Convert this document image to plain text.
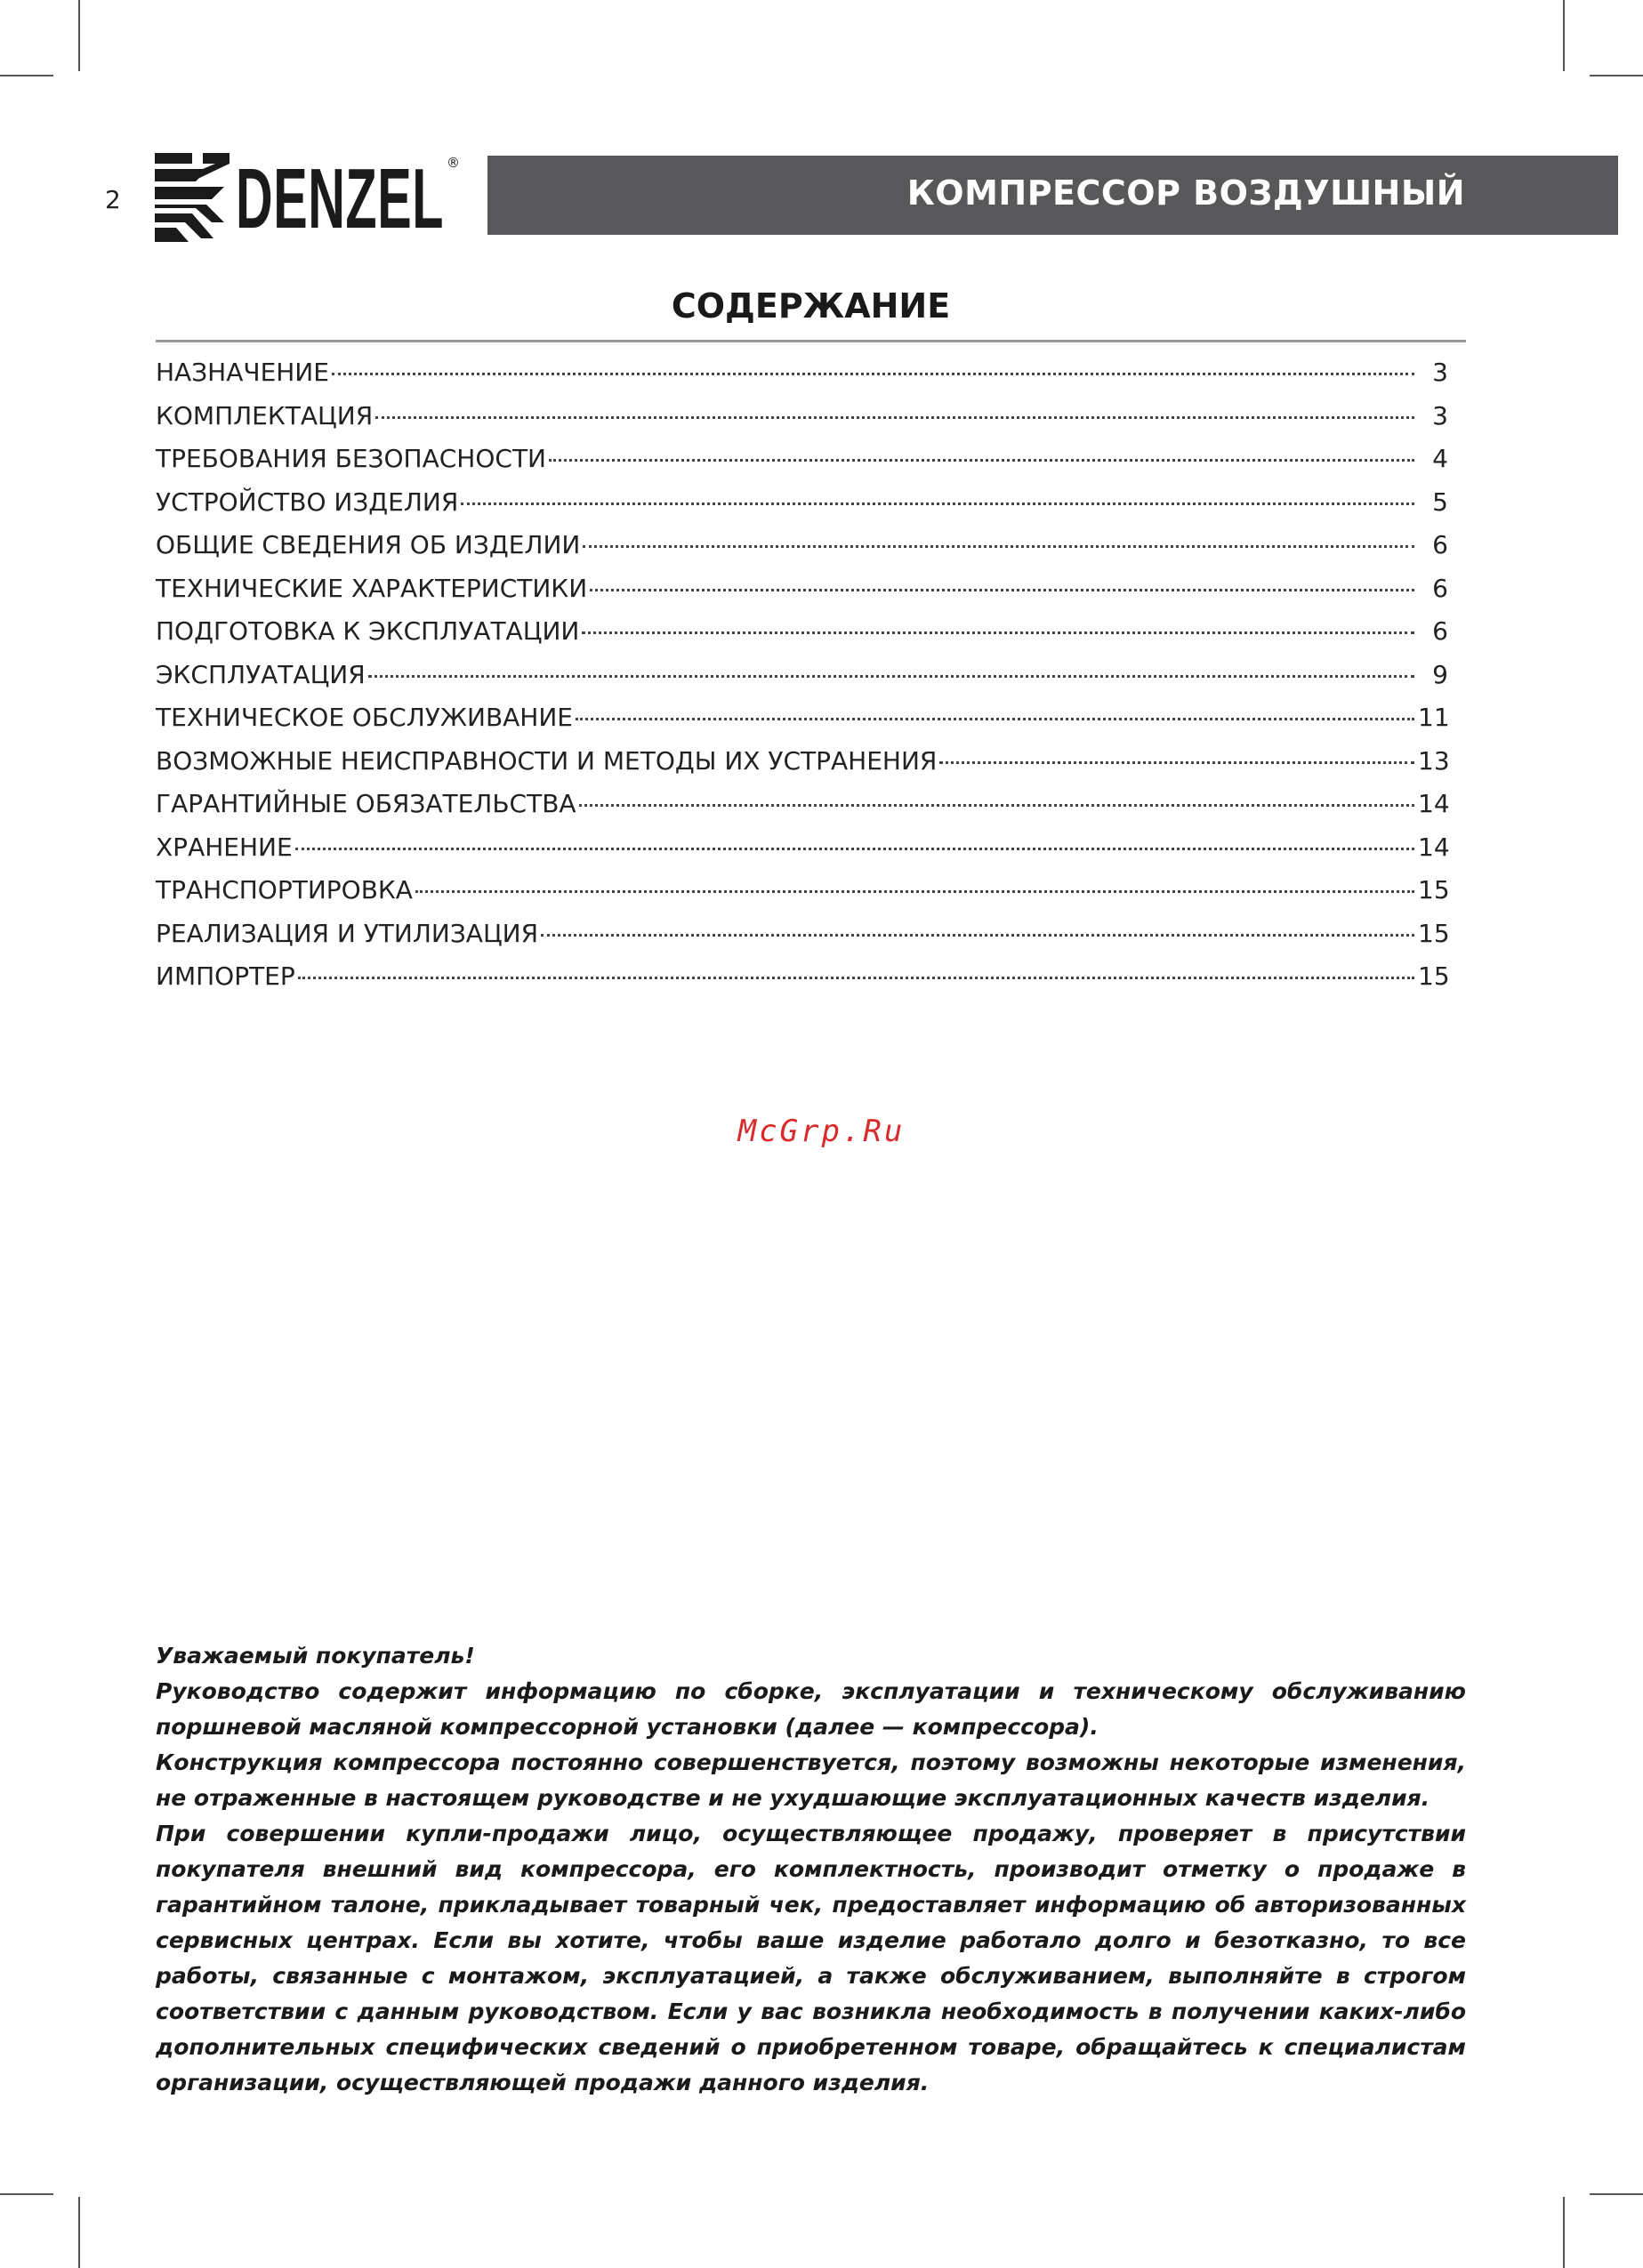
2 DENZEL ®
КОМПРЕССОР ВОЗДУШНЫЙ
СОДЕРЖАНИЕ
НАЗНАЧЕНИЕ	3
КОМПЛЕКТАЦИЯ	3
ТРЕБОВАНИЯ БЕЗОПАСНОСТИ	4
УСТРОЙСТВО ИЗДЕЛИЯ	5
ОБЩИЕ СВЕДЕНИЯ ОБ ИЗДЕЛИИ	6
ТЕХНИЧЕСКИЕ ХАРАКТЕРИСТИКИ	6
ПОДГОТОВКА К ЭКСПЛУАТАЦИИ	6
ЭКСПЛУАТАЦИЯ	9
ТЕХНИЧЕСКОЕ ОБСЛУЖИВАНИЕ	11
ВОЗМОЖНЫЕ НЕИСПРАВНОСТИ И МЕТОДЫ ИХ УСТРАНЕНИЯ	13
ГАРАНТИЙНЫЕ ОБЯЗАТЕЛЬСТВА	14
ХРАНЕНИЕ	14
ТРАНСПОРТИРОВКА	15
РЕАЛИЗАЦИЯ И УТИЛИЗАЦИЯ	15
ИМПОРТЕР	15
McGrp.Ru

Уважаемый покупатель!

Руководство содержит информацию по сборке, эксплуатации и техническому обслуживанию поршневой масляной компрессорной установки (далее — компрессора).

Конструкция компрессора постоянно совершенствуется, поэтому возможны некоторые изменения, не отраженные в настоящем руководстве и не ухудшающие эксплуатационных качеств изделия.

При совершении купли-продажи лицо, осуществляющее продажу, проверяет в присутствии покупателя внешний вид компрессора, его комплектность, производит отметку о продаже в гарантийном талоне, прикладывает товарный чек, предоставляет информацию об авторизованных сервисных центрах. Если вы хотите, чтобы ваше изделие работало долго и безотказно, то все работы, связанные с монтажом, эксплуатацией, а также обслуживанием, выполняйте в строгом соответствии с данным руководством. Если у вас возникла необходимость в получении каких-либо дополнительных специфических сведений о приобретенном товаре, обращайтесь к специалистам организации, осуществляющей продажи данного изделия.
